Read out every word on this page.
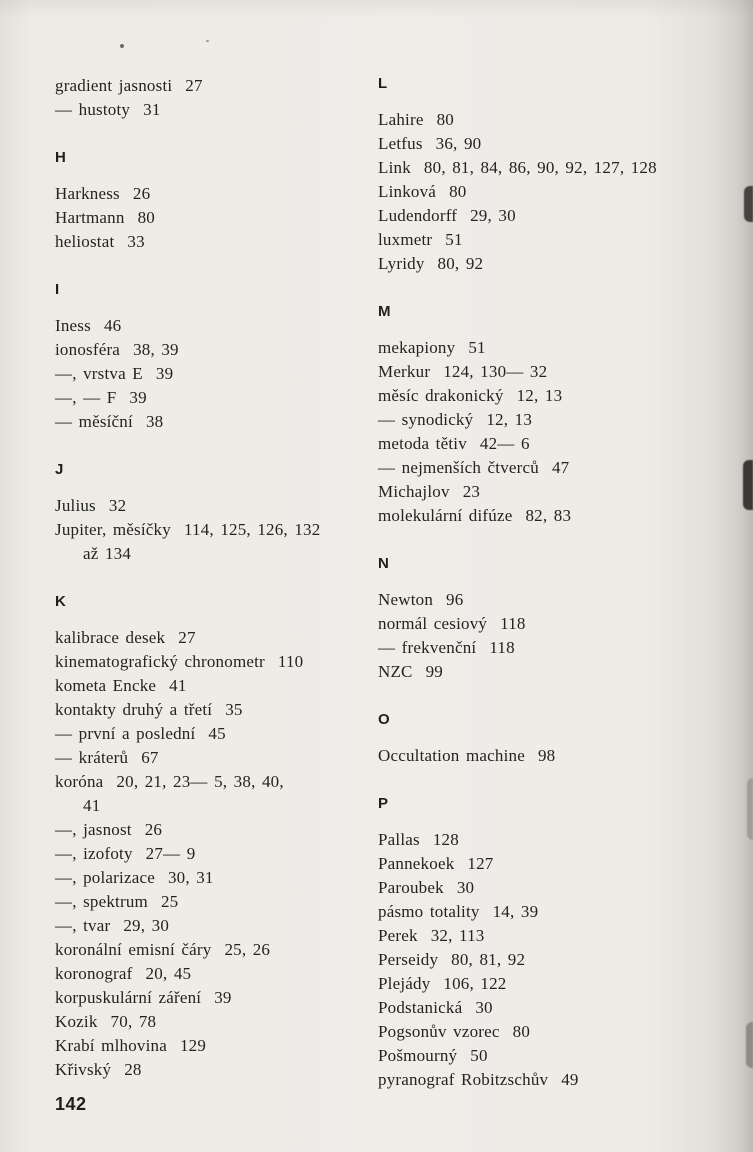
gradient jasnosti 27
— hustoty 31
H
Harkness 26
Hartmann 80
heliostat 33
I
Iness 46
ionosféra 38, 39
—, vrstva E 39
—, — F 39
— měsíční 38
J
Julius 32
Jupiter, měsíčky 114, 125, 126, 132
až 134
K
kalibrace desek 27
kinematografický chronometr 110
kometa Encke 41
kontakty druhý a třetí 35
— první a poslední 45
— kráterů 67
koróna 20, 21, 23— 5, 38, 40,
41
—, jasnost 26
—, izofoty 27— 9
—, polarizace 30, 31
—, spektrum 25
—, tvar 29, 30
koronální emisní čáry 25, 26
koronograf 20, 45
korpuskulární záření 39
Kozik 70, 78
Krabí mlhovina 129
Křivský 28
L
Lahire 80
Letfus 36, 90
Link 80, 81, 84, 86, 90, 92, 127, 128
Linková 80
Ludendorff 29, 30
luxmetr 51
Lyridy 80, 92
M
mekapiony 51
Merkur 124, 130— 32
měsíc drakonický 12, 13
— synodický 12, 13
metoda tětiv 42— 6
— nejmenších čtverců 47
Michajlov 23
molekulární difúze 82, 83
N
Newton 96
normál cesiový 118
— frekvenční 118
NZC 99
O
Occultation machine 98
P
Pallas 128
Pannekoek 127
Paroubek 30
pásmo totality 14, 39
Perek 32, 113
Perseidy 80, 81, 92
Plejády 106, 122
Podstanická 30
Pogsonův vzorec 80
Pošmourný 50
pyranograf Robitzschův 49
142
